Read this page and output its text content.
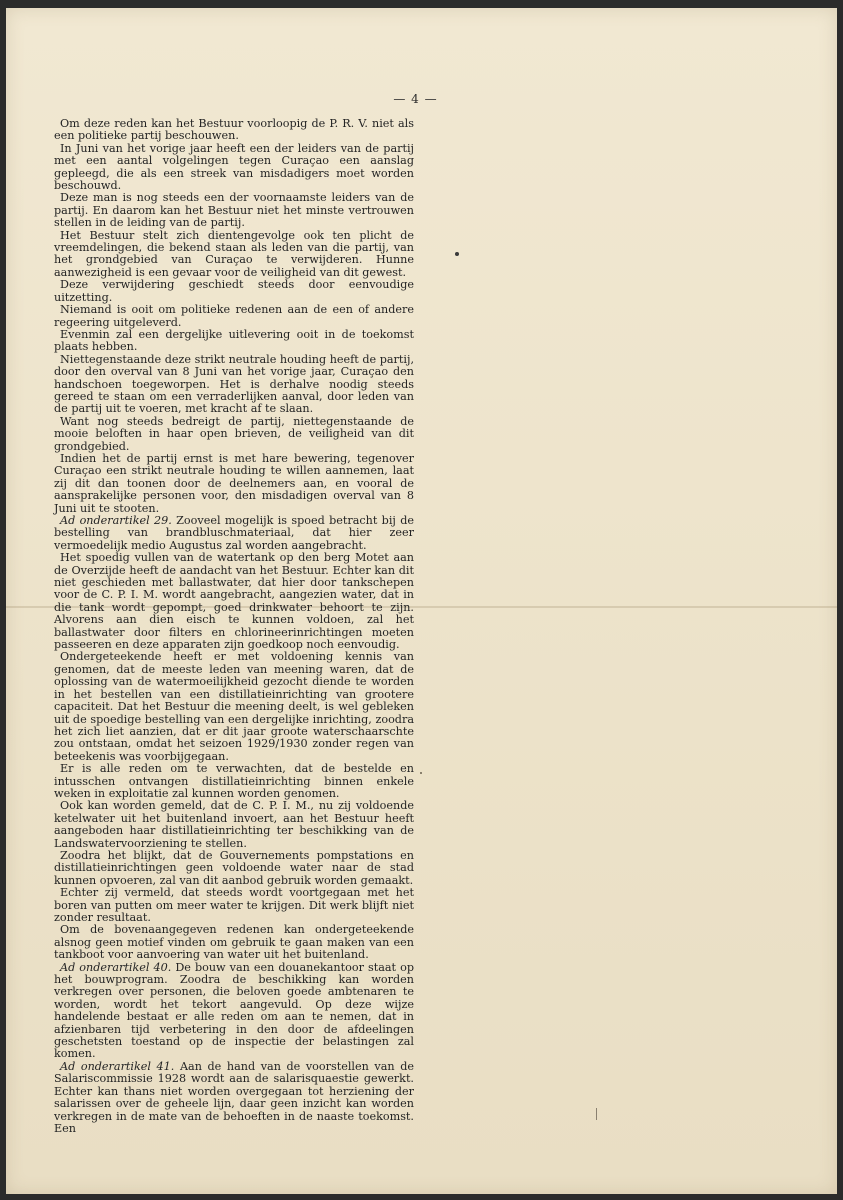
— 4 —

Om deze reden kan het Bestuur voorloopig de P. R. V. niet als een politieke partij beschouwen.

In Juni van het vorige jaar heeft een der leiders van de partij met een aantal volgelingen tegen Curaçao een aanslag gepleegd, die als een streek van misdadigers moet worden beschouwd.

Deze man is nog steeds een der voornaamste leiders van de partij. En daarom kan het Bestuur niet het minste vertrouwen stellen in de leiding van de partij.

Het Bestuur stelt zich dientengevolge ook ten plicht de vreemdelingen, die bekend staan als leden van die partij, van het grondgebied van Curaçao te verwijderen. Hunne aanwezigheid is een gevaar voor de veiligheid van dit gewest.

Deze verwijdering geschiedt steeds door eenvoudige uitzetting.

Niemand is ooit om politieke redenen aan de een of andere regeering uitgeleverd.

Evenmin zal een dergelijke uitlevering ooit in de toekomst plaats hebben.

Niettegenstaande deze strikt neutrale houding heeft de partij, door den overval van 8 Juni van het vorige jaar, Curaçao den handschoen toegeworpen. Het is derhalve noodig steeds gereed te staan om een verraderlijken aanval, door leden van de partij uit te voeren, met kracht af te slaan.

Want nog steeds bedreigt de partij, niettegenstaande de mooie beloften in haar open brieven, de veiligheid van dit grondgebied.

Indien het de partij ernst is met hare bewering, tegenover Curaçao een strikt neutrale houding te willen aannemen, laat zij dit dan toonen door de deelnemers aan, en vooral de aansprakelijke personen voor, den misdadigen overval van 8 Juni uit te stooten.

Ad onderartikel 29. Zooveel mogelijk is spoed betracht bij de bestelling van brandbluschmateriaal, dat hier zeer vermoedelijk medio Augustus zal worden aangebracht.

Het spoedig vullen van de watertank op den berg Motet aan de Overzijde heeft de aandacht van het Bestuur. Echter kan dit niet geschieden met ballastwater, dat hier door tankschepen voor de C. P. I. M. wordt aangebracht, aangezien water, dat in die tank wordt gepompt, goed drinkwater behoort te zijn. Alvorens aan dien eisch te kunnen voldoen, zal het ballastwater door filters en chlorineerinrichtingen moeten passeeren en deze apparaten zijn goedkoop noch eenvoudig.

Ondergeteekende heeft er met voldoening kennis van genomen, dat de meeste leden van meening waren, dat de oplossing van de watermoeilijkheid gezocht diende te worden in het bestellen van een distillatieinrichting van grootere capaciteit. Dat het Bestuur die meening deelt, is wel gebleken uit de spoedige bestelling van een dergelijke inrichting, zoodra het zich liet aanzien, dat er dit jaar groote waterschaarschte zou ontstaan, omdat het seizoen 1929/1930 zonder regen van beteekenis was voorbijgegaan.

Er is alle reden om te verwachten, dat de bestelde en intusschen ontvangen distillatieinrichting binnen enkele weken in exploitatie zal kunnen worden genomen.

Ook kan worden gemeld, dat de C. P. I. M., nu zij voldoende ketelwater uit het buitenland invoert, aan het Bestuur heeft aangeboden haar distillatieinrichting ter beschikking van de Landswatervoorziening te stellen.

Zoodra het blijkt, dat de Gouvernements pompstations en distillatieinrichtingen geen voldoende water naar de stad kunnen opvoeren, zal van dit aanbod gebruik worden gemaakt.

Echter zij vermeld, dat steeds wordt voortgegaan met het boren van putten om meer water te krijgen. Dit werk blijft niet zonder resultaat.

Om de bovenaangegeven redenen kan ondergeteekende alsnog geen motief vinden om gebruik te gaan maken van een tankboot voor aanvoering van water uit het buitenland.

Ad onderartikel 40. De bouw van een douanekantoor staat op het bouwprogram. Zoodra de beschikking kan worden verkregen over personen, die beloven goede ambtenaren te worden, wordt het tekort aangevuld. Op deze wijze handelende bestaat er alle reden om aan te nemen, dat in afzienbaren tijd verbetering in den door de afdeelingen geschetsten toestand op de inspectie der belastingen zal komen.

Ad onderartikel 41. Aan de hand van de voorstellen van de Salariscommissie 1928 wordt aan de salarisquaestie gewerkt. Echter kan thans niet worden overgegaan tot herziening der salarissen over de geheele lijn, daar geen inzicht kan worden verkregen in de mate van de behoeften in de naaste toekomst. Een
